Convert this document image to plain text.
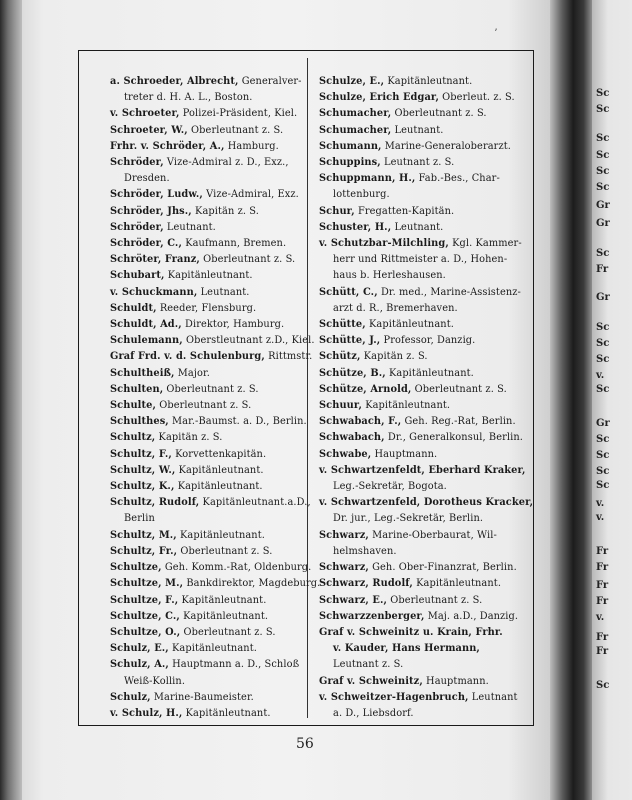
Sc
Sc
Sc
Sc
Sc
Sc
Gr
Gr
Sc
Fr
Gr
Sc
Sc
Sc
v.
Sc
Gr
Sc
Sc
Sc
Sc
v.
v.
Fr
Fr
Fr
Fr
v.
Fr
Fr
Sc
ʼ
a. Schroeder, Albrecht, Generalver-
treter d. H. A. L., Boston.
v. Schroeter, Polizei-Präsident, Kiel.
Schroeter, W., Oberleutnant z. S.
Frhr. v. Schröder, A., Hamburg.
Schröder, Vize-Admiral z. D., Exz.,
Dresden.
Schröder, Ludw., Vize-Admiral, Exz.
Schröder, Jhs., Kapitän z. S.
Schröder, Leutnant.
Schröder, C., Kaufmann, Bremen.
Schröter, Franz, Oberleutnant z. S.
Schubart, Kapitänleutnant.
v. Schuckmann, Leutnant.
Schuldt, Reeder, Flensburg.
Schuldt, Ad., Direktor, Hamburg.
Schulemann, Oberstleutnant z.D., Kiel.
Graf Frd. v. d. Schulenburg, Rittmstr.
Schultheiß, Major.
Schulten, Oberleutnant z. S.
Schulte, Oberleutnant z. S.
Schulthes, Mar.-Baumst. a. D., Berlin.
Schultz, Kapitän z. S.
Schultz, F., Korvettenkapitän.
Schultz, W., Kapitänleutnant.
Schultz, K., Kapitänleutnant.
Schultz, Rudolf, Kapitänleutnant.a.D.,
Berlin
Schultz, M., Kapitänleutnant.
Schultz, Fr., Oberleutnant z. S.
Schultze, Geh. Komm.-Rat, Oldenburg.
Schultze, M., Bankdirektor, Magdeburg.
Schultze, F., Kapitänleutnant.
Schultze, C., Kapitänleutnant.
Schultze, O., Oberleutnant z. S.
Schulz, E., Kapitänleutnant.
Schulz, A., Hauptmann a. D., Schloß
Weiß-Kollin.
Schulz, Marine-Baumeister.
v. Schulz, H., Kapitänleutnant.
Schulze, E., Kapitänleutnant.
Schulze, Erich Edgar, Oberleut. z. S.
Schumacher, Oberleutnant z. S.
Schumacher, Leutnant.
Schumann, Marine-Generaloberarzt.
Schuppins, Leutnant z. S.
Schuppmann, H., Fab.-Bes., Char-
lottenburg.
Schur, Fregatten-Kapitän.
Schuster, H., Leutnant.
v. Schutzbar-Milchling, Kgl. Kammer-
herr und Rittmeister a. D., Hohen-
haus b. Herleshausen.
Schütt, C., Dr. med., Marine-Assistenz-
arzt d. R., Bremerhaven.
Schütte, Kapitänleutnant.
Schütte, J., Professor, Danzig.
Schütz, Kapitän z. S.
Schütze, B., Kapitänleutnant.
Schütze, Arnold, Oberleutnant z. S.
Schuur, Kapitänleutnant.
Schwabach, F., Geh. Reg.-Rat, Berlin.
Schwabach, Dr., Generalkonsul, Berlin.
Schwabe, Hauptmann.
v. Schwartzenfeldt, Eberhard Kraker,
Leg.-Sekretär, Bogota.
v. Schwartzenfeld, Dorotheus Kracker,
Dr. jur., Leg.-Sekretär, Berlin.
Schwarz, Marine-Oberbaurat, Wil-
helmshaven.
Schwarz, Geh. Ober-Finanzrat, Berlin.
Schwarz, Rudolf, Kapitänleutnant.
Schwarz, E., Oberleutnant z. S.
Schwarzzenberger, Maj. a.D., Danzig.
Graf v. Schweinitz u. Krain, Frhr.
v. Kauder, Hans Hermann,
Leutnant z. S.
Graf v. Schweinitz, Hauptmann.
v. Schweitzer-Hagenbruch, Leutnant
a. D., Liebsdorf.
56
